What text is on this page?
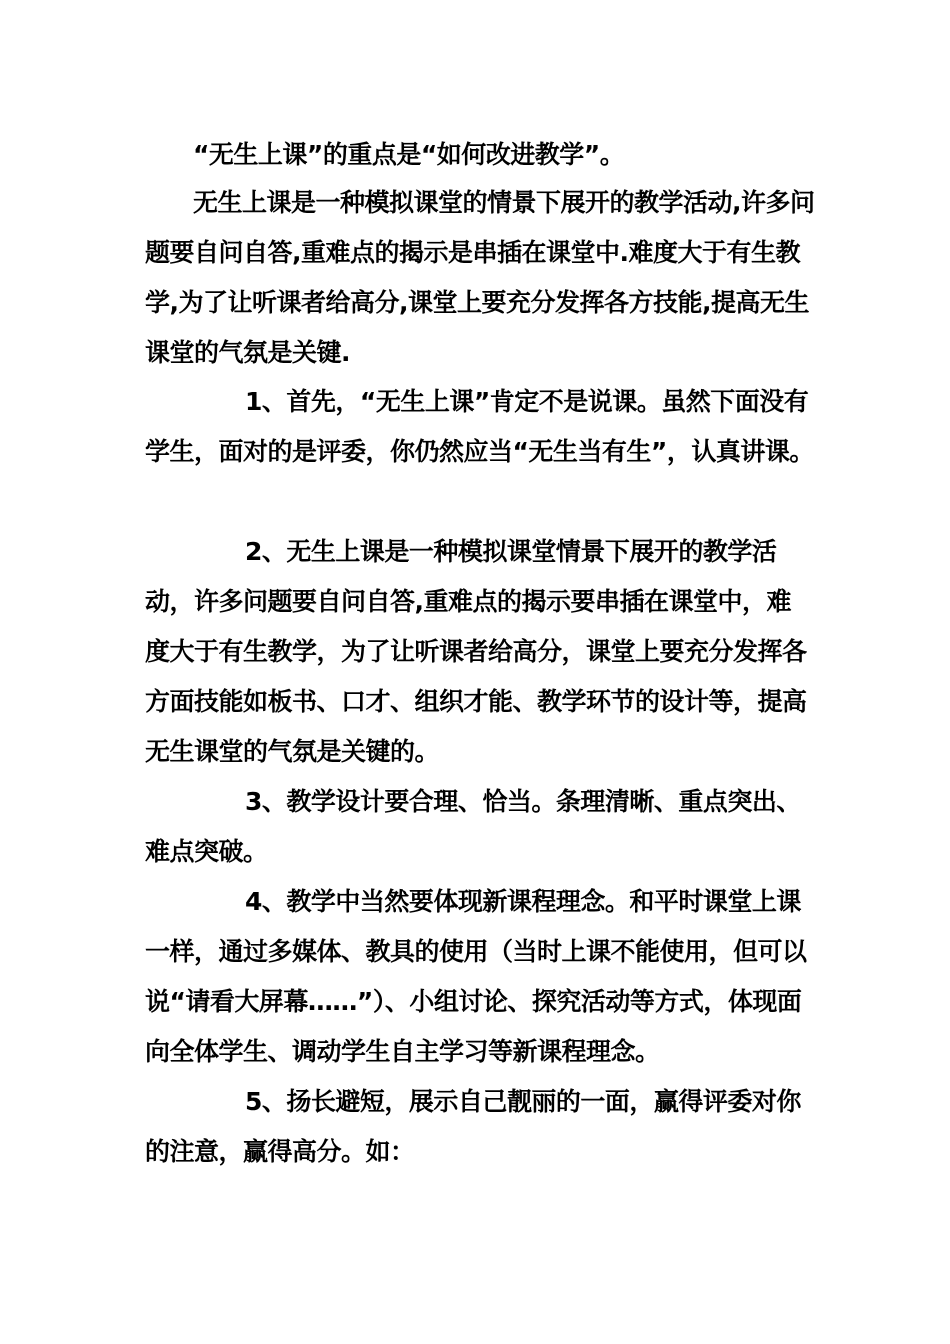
“无生上课”的重点是“如何改进教学”。

无生上课是一种模拟课堂的情景下展开的教学活动,许多问题要自问自答,重难点的揭示是串插在课堂中.难度大于有生教学,为了让听课者给高分,课堂上要充分发挥各方技能,提高无生课堂的气氛是关键.

1、首先，“无生上课”肯定不是说课。虽然下面没有学生，面对的是评委，你仍然应当“无生当有生”，认真讲课。

2、无生上课是一种模拟课堂情景下展开的教学活动，许多问题要自问自答,重难点的揭示要串插在课堂中，难度大于有生教学，为了让听课者给高分，课堂上要充分发挥各方面技能如板书、口才、组织才能、教学环节的设计等，提高无生课堂的气氛是关键的。

3、教学设计要合理、恰当。条理清晰、重点突出、难点突破。

4、教学中当然要体现新课程理念。和平时课堂上课一样，通过多媒体、教具的使用（当时上课不能使用，但可以说“请看大屏幕……”）、小组讨论、探究活动等方式，体现面向全体学生、调动学生自主学习等新课程理念。

5、扬长避短，展示自己靓丽的一面，赢得评委对你的注意，赢得高分。如：
